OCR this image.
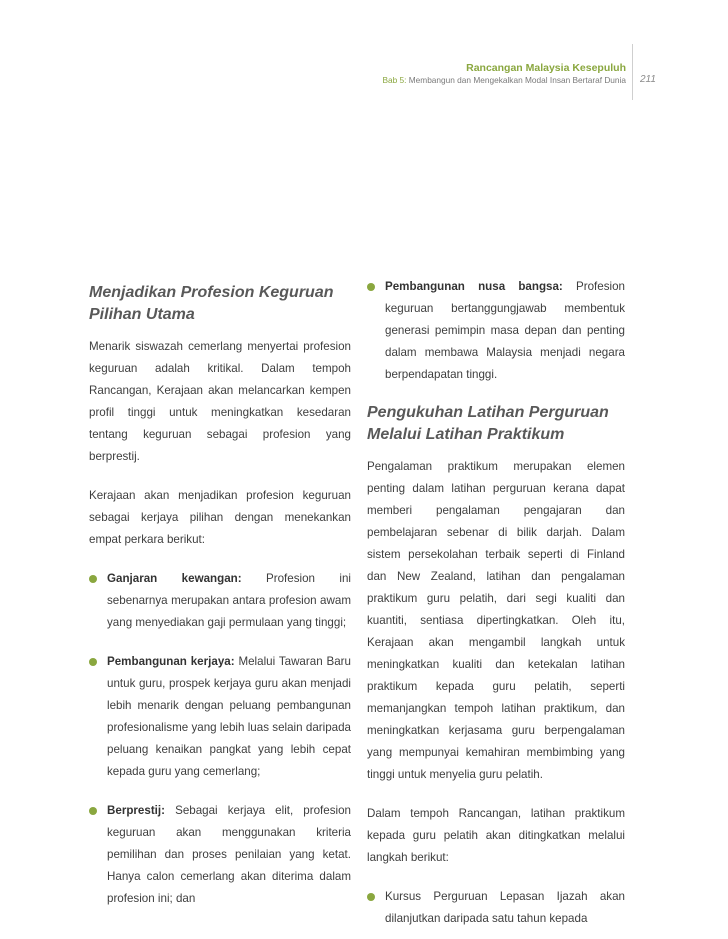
Rancangan Malaysia Kesepuluh
Bab 5: Membangun dan Mengekalkan Modal Insan Bertaraf Dunia 211
Menjadikan Profesion Keguruan Pilihan Utama

Menarik siswazah cemerlang menyertai profesion keguruan adalah kritikal. Dalam tempoh Rancangan, Kerajaan akan melancarkan kempen profil tinggi untuk meningkatkan kesedaran tentang keguruan sebagai profesion yang berprestij.

Kerajaan akan menjadikan profesion keguruan sebagai kerjaya pilihan dengan menekankan empat perkara berikut:

Ganjaran kewangan: Profesion ini sebenarnya merupakan antara profesion awam yang menyediakan gaji permulaan yang tinggi;
Pembangunan kerjaya: Melalui Tawaran Baru untuk guru, prospek kerjaya guru akan menjadi lebih menarik dengan peluang pembangunan profesionalisme yang lebih luas selain daripada peluang kenaikan pangkat yang lebih cepat kepada guru yang cemerlang;
Berprestij: Sebagai kerjaya elit, profesion keguruan akan menggunakan kriteria pemilihan dan proses penilaian yang ketat. Hanya calon cemerlang akan diterima dalam profesion ini; dan
Pembangunan nusa bangsa: Profesion keguruan bertanggungjawab membentuk generasi pemimpin masa depan dan penting dalam membawa Malaysia menjadi negara berpendapatan tinggi.
Pengukuhan Latihan Perguruan Melalui Latihan Praktikum

Pengalaman praktikum merupakan elemen penting dalam latihan perguruan kerana dapat memberi pengalaman pengajaran dan pembelajaran sebenar di bilik darjah. Dalam sistem persekolahan terbaik seperti di Finland dan New Zealand, latihan dan pengalaman praktikum guru pelatih, dari segi kualiti dan kuantiti, sentiasa dipertingkatkan. Oleh itu, Kerajaan akan mengambil langkah untuk meningkatkan kualiti dan ketekalan latihan praktikum kepada guru pelatih, seperti memanjangkan tempoh latihan praktikum, dan meningkatkan kerjasama guru berpengalaman yang mempunyai kemahiran membimbing yang tinggi untuk menyelia guru pelatih.

Dalam tempoh Rancangan, latihan praktikum kepada guru pelatih akan ditingkatkan melalui langkah berikut:

Kursus Perguruan Lepasan Ijazah akan dilanjutkan daripada satu tahun kepada
